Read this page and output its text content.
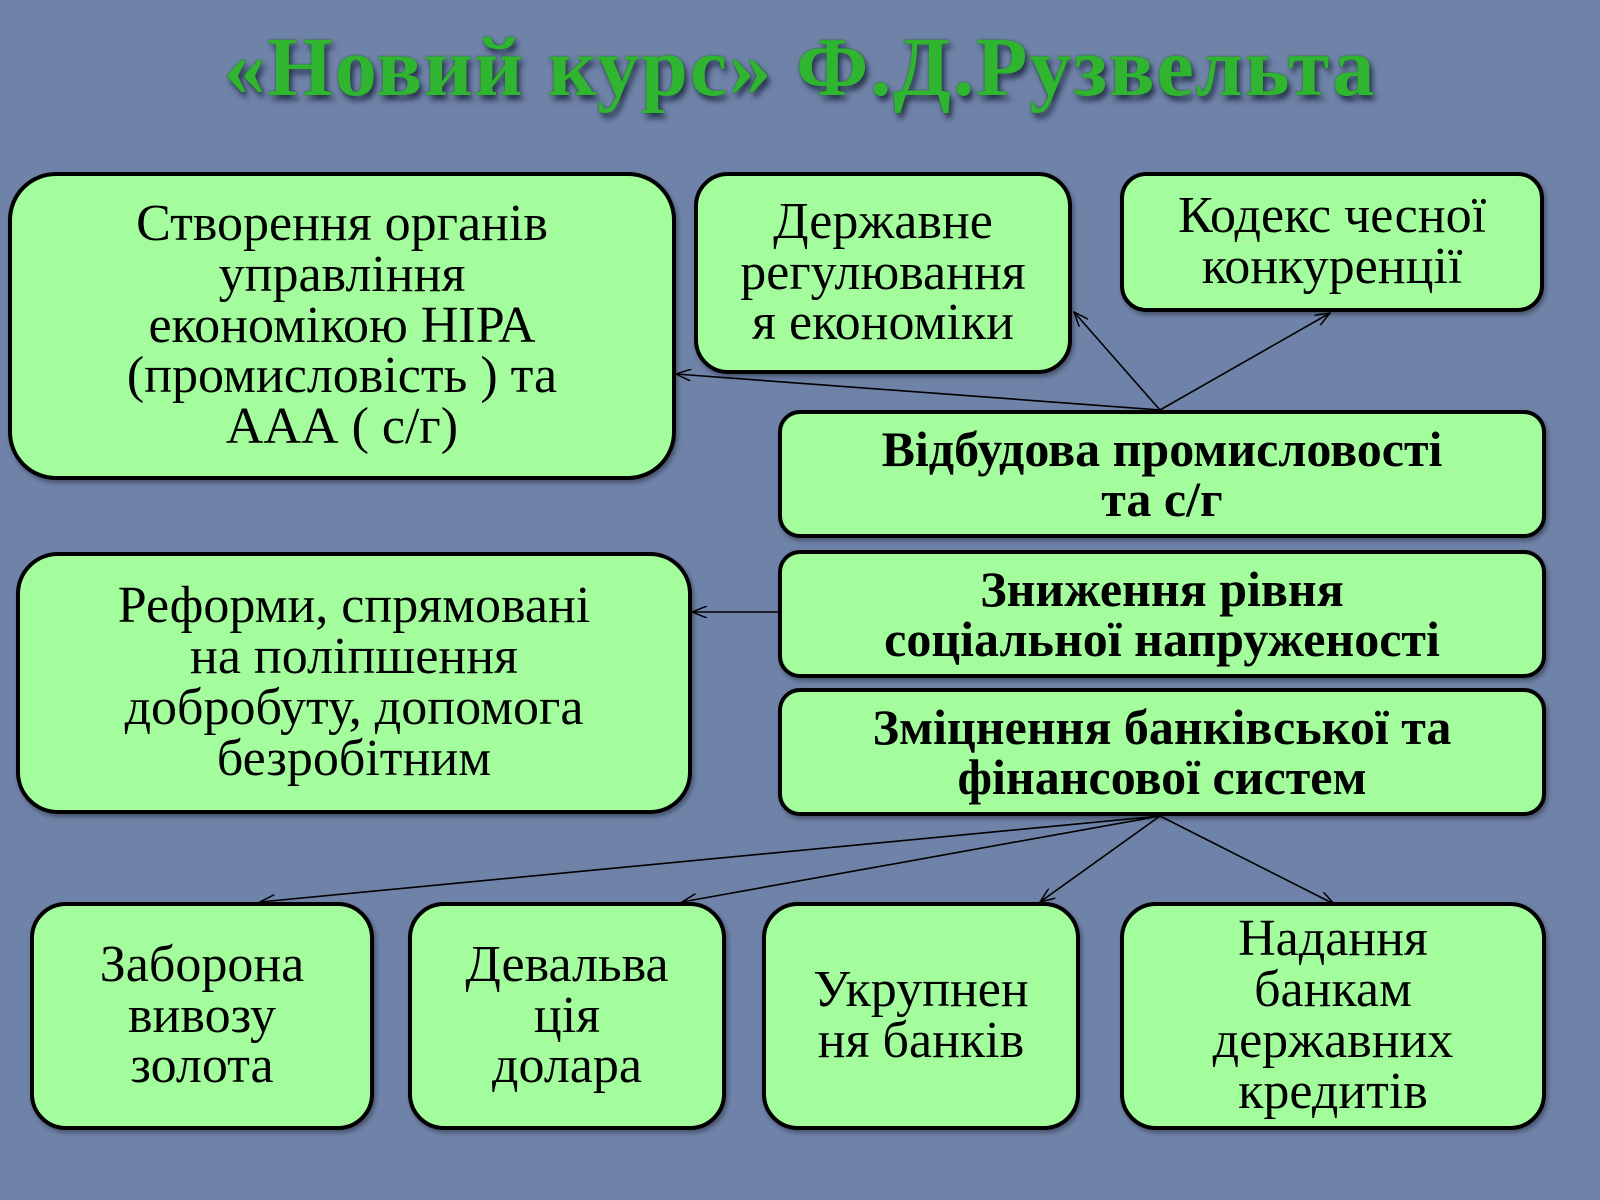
«Новий курс» Ф.Д.Рузвельта
Створення органів
управління
економікою НІРА
(промисловість ) та
ААА ( с/г)
Державне
регулювання
я економіки
Кодекс чесної
конкуренції
Відбудова промисловості
та с/г
Реформи, спрямовані
на поліпшення
добробуту, допомога
безробітним
Зниження рівня
соціальної напруженості
Зміцнення банківської та
фінансової систем
Заборона
вивозу
золота
Девальва
ція
долара
Укрупнен
ня банків
Надання
банкам
державних
кредитів
